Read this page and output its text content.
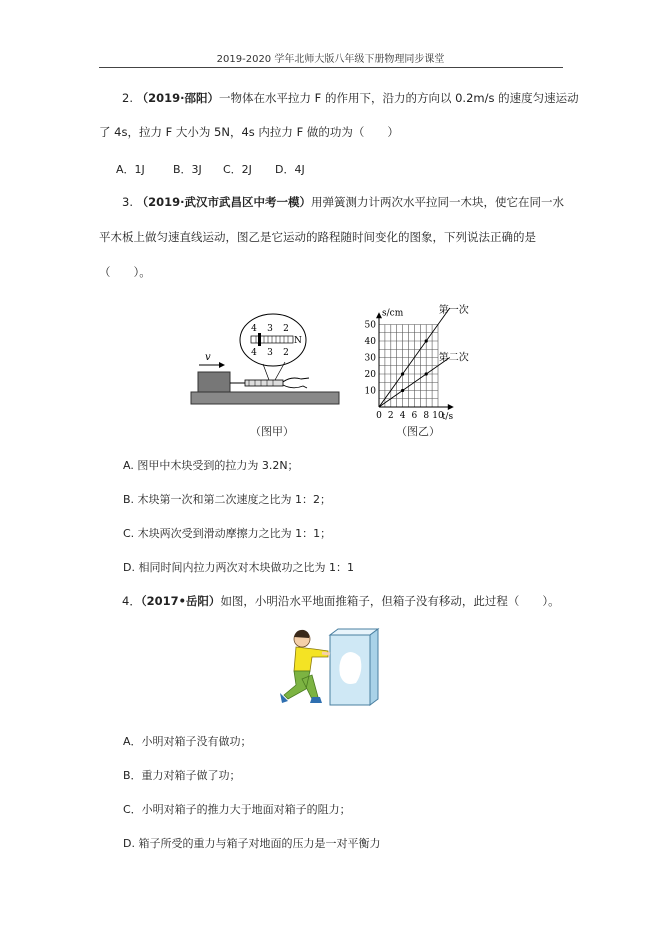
2019-2020 学年北师大版八年级下册物理同步课堂
2. （2019·邵阳）一物体在水平拉力 F 的作用下，沿力的方向以 0.2m/s 的速度匀速运动
了 4s，拉力 F 大小为 5N，4s 内拉力 F 做的功为（　　）
A．1J	B．3J C．2J D．4J
3. （2019·武汉市武昌区中考一模）用弹簧测力计两次水平拉同一木块，使它在同一水
平木板上做匀速直线运动，图乙是它运动的路程随时间变化的图象，下列说法正确的是
（　　）。
v
4 3 2
4 3 2
N
（图甲）
0 2 4 6 8 10
10
20
30
40
50
s/cm
t/s
第一次
第二次
（图乙）
A. 图甲中木块受到的拉力为 3.2N；
B. 木块第一次和第二次速度之比为 1：2；
C. 木块两次受到滑动摩擦力之比为 1：1；
D. 相同时间内拉力两次对木块做功之比为 1：1
4．（2017•岳阳）如图，小明沿水平地面推箱子，但箱子没有移动，此过程（　　）。
A．小明对箱子没有做功；
B．重力对箱子做了功；
C．小明对箱子的推力大于地面对箱子的阻力；
D. 箱子所受的重力与箱子对地面的压力是一对平衡力
